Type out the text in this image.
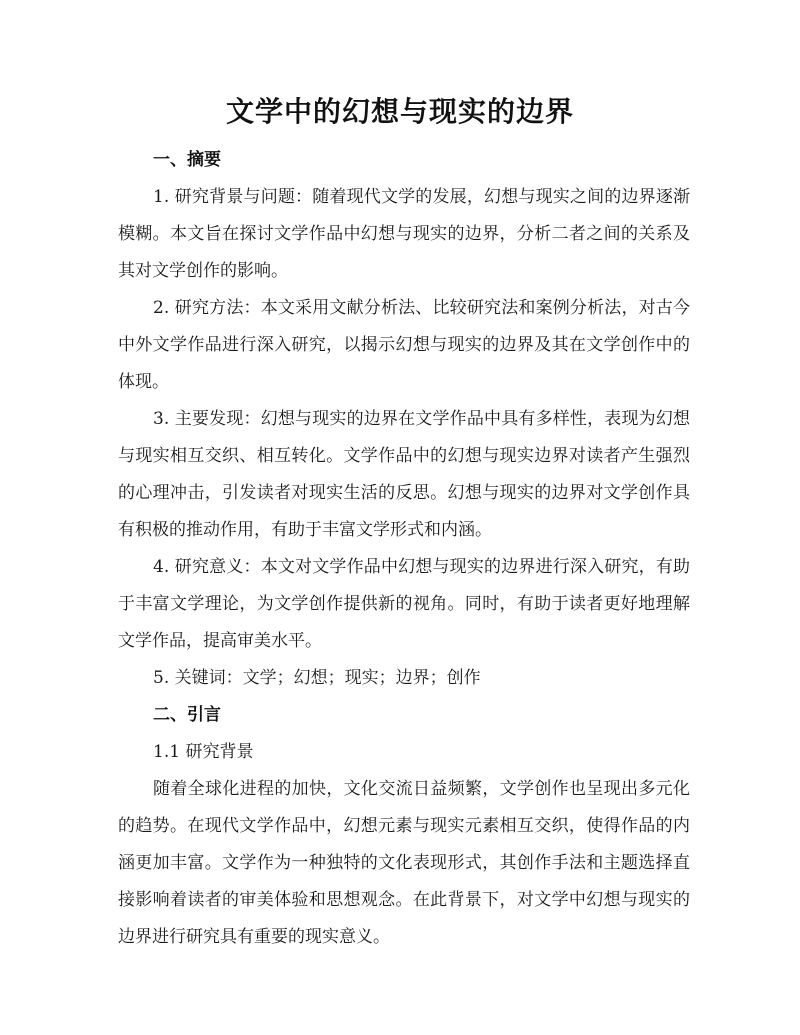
文学中的幻想与现实的边界

一、摘要

1. 研究背景与问题：随着现代文学的发展，幻想与现实之间的边界逐渐模糊。本文旨在探讨文学作品中幻想与现实的边界，分析二者之间的关系及其对文学创作的影响。

2. 研究方法：本文采用文献分析法、比较研究法和案例分析法，对古今中外文学作品进行深入研究，以揭示幻想与现实的边界及其在文学创作中的体现。

3. 主要发现：幻想与现实的边界在文学作品中具有多样性，表现为幻想与现实相互交织、相互转化。文学作品中的幻想与现实边界对读者产生强烈的心理冲击，引发读者对现实生活的反思。幻想与现实的边界对文学创作具有积极的推动作用，有助于丰富文学形式和内涵。

4. 研究意义：本文对文学作品中幻想与现实的边界进行深入研究，有助于丰富文学理论，为文学创作提供新的视角。同时，有助于读者更好地理解文学作品，提高审美水平。

5. 关键词：文学；幻想；现实；边界；创作

二、引言

1.1 研究背景

随着全球化进程的加快，文化交流日益频繁，文学创作也呈现出多元化的趋势。在现代文学作品中，幻想元素与现实元素相互交织，使得作品的内涵更加丰富。文学作为一种独特的文化表现形式，其创作手法和主题选择直接影响着读者的审美体验和思想观念。在此背景下，对文学中幻想与现实的边界进行研究具有重要的现实意义。
